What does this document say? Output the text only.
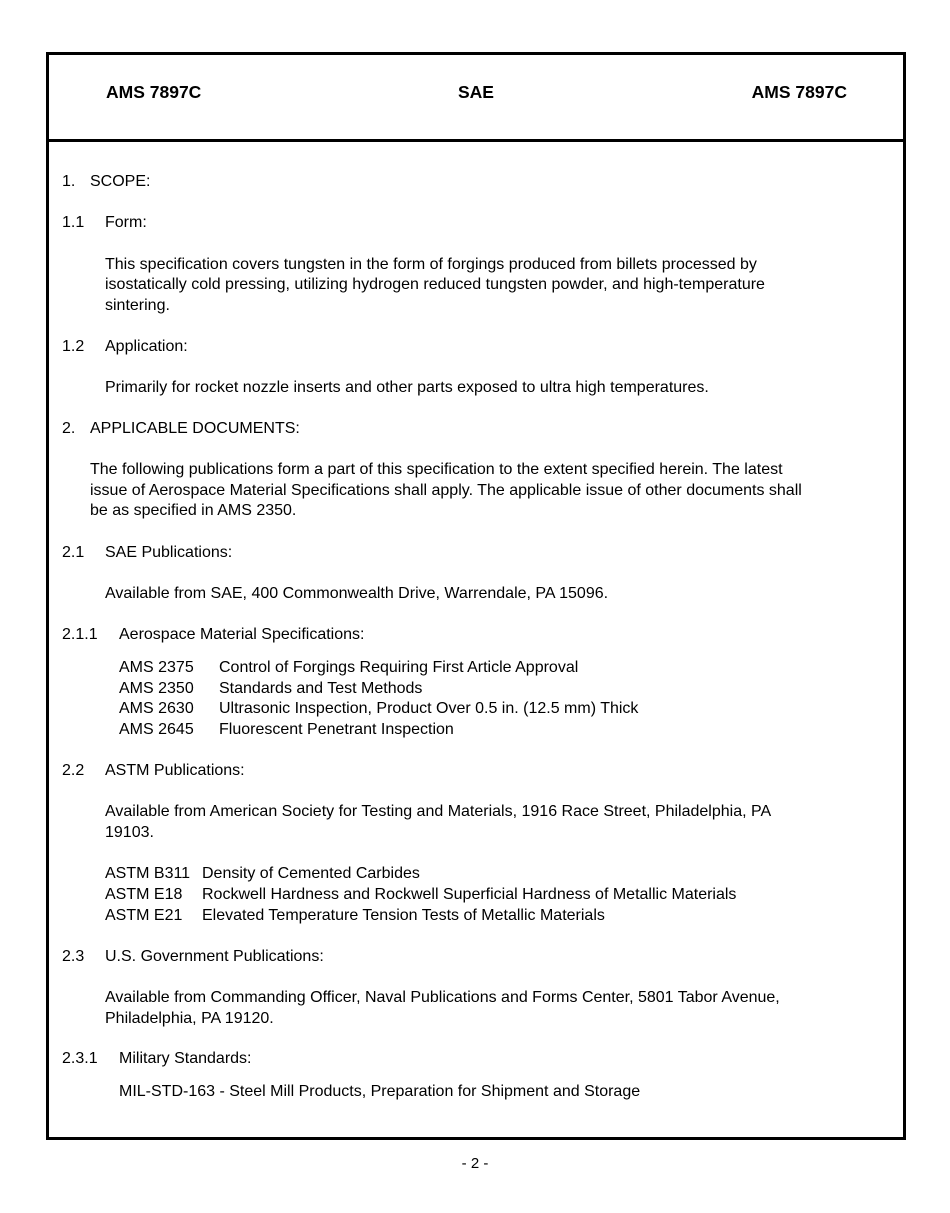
AMS 7897C	SAE	AMS 7897C
1. SCOPE:
1.1 Form:
This specification covers tungsten in the form of forgings produced from billets processed by
isostatically cold pressing, utilizing hydrogen reduced tungsten powder, and high-temperature
sintering.
1.2 Application:
Primarily for rocket nozzle inserts and other parts exposed to ultra high temperatures.
2. APPLICABLE DOCUMENTS:
The following publications form a part of this specification to the extent specified herein. The latest
issue of Aerospace Material Specifications shall apply. The applicable issue of other documents shall
be as specified in AMS 2350.
2.1 SAE Publications:
Available from SAE, 400 Commonwealth Drive, Warrendale, PA 15096.
2.1.1 Aerospace Material Specifications:
AMS 2375 Control of Forgings Requiring First Article Approval
AMS 2350 Standards and Test Methods
AMS 2630 Ultrasonic Inspection, Product Over 0.5 in. (12.5 mm) Thick
AMS 2645 Fluorescent Penetrant Inspection
2.2 ASTM Publications:
Available from American Society for Testing and Materials, 1916 Race Street, Philadelphia, PA
19103.
ASTM B311 Density of Cemented Carbides
ASTM E18 Rockwell Hardness and Rockwell Superficial Hardness of Metallic Materials
ASTM E21 Elevated Temperature Tension Tests of Metallic Materials
2.3 U.S. Government Publications:
Available from Commanding Officer, Naval Publications and Forms Center, 5801 Tabor Avenue,
Philadelphia, PA 19120.
2.3.1 Military Standards:
MIL-STD-163 - Steel Mill Products, Preparation for Shipment and Storage
- 2 -
